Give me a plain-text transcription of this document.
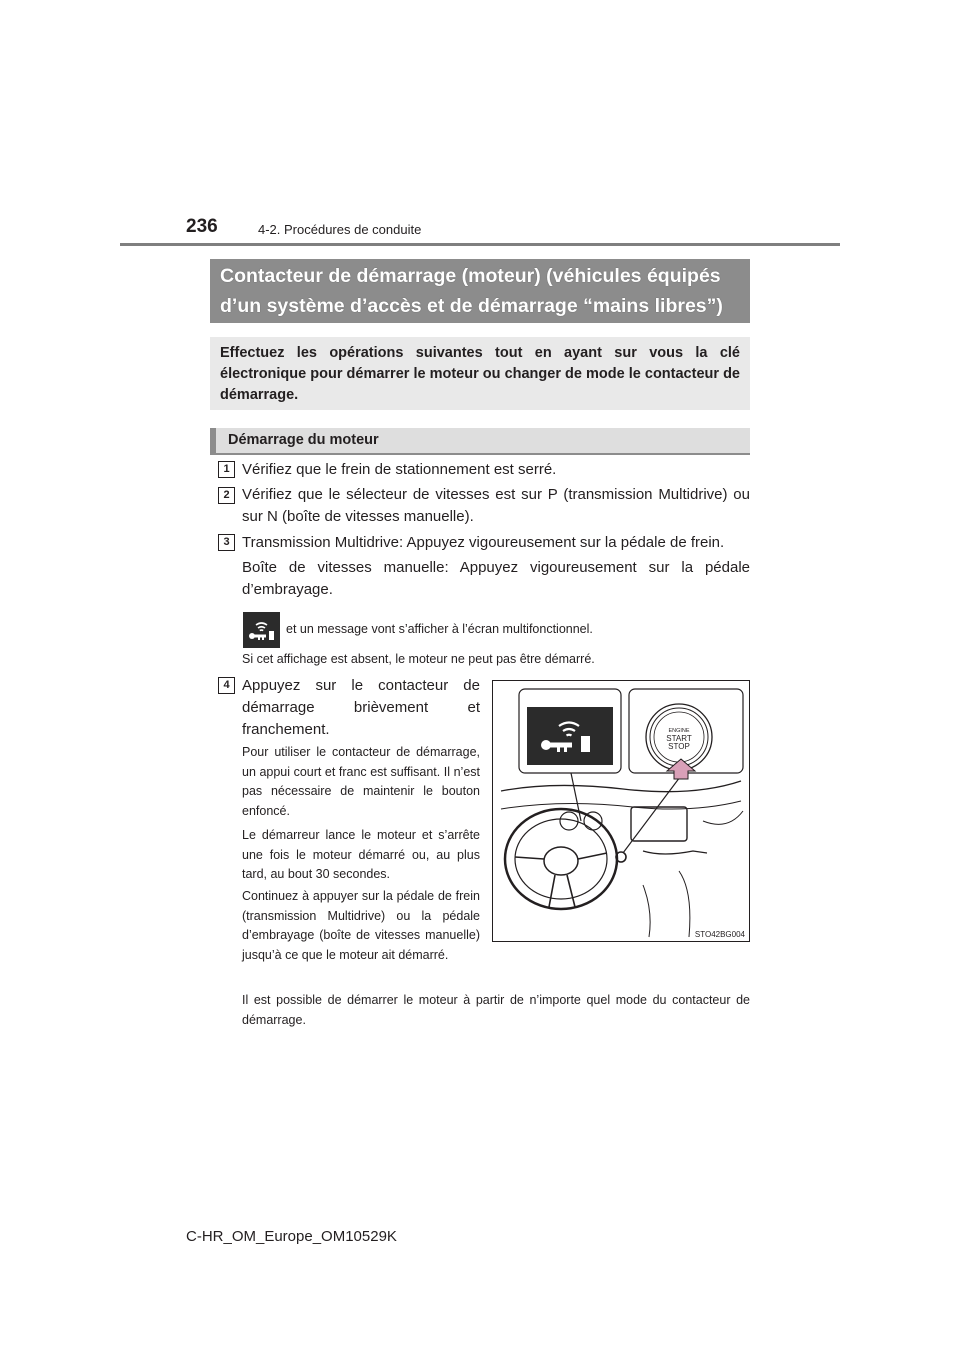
236	4-2. Procédures de conduite
Contacteur de démarrage (moteur) (véhicules équipés
d’un système d’accès et de démarrage “mains libres”)
Effectuez les opérations suivantes tout en ayant sur vous la clé électronique pour démarrer le moteur ou changer de mode le contacteur de démarrage.
Démarrage du moteur
1 Vérifiez que le frein de stationnement est serré.
2 Vérifiez que le sélecteur de vitesses est sur P (transmission Multidrive) ou sur N (boîte de vitesses manuelle).
3 Transmission Multidrive: Appuyez vigoureusement sur la pédale de frein.
Boîte de vitesses manuelle: Appuyez vigoureusement sur la pédale d’embrayage.
et un message vont s’afficher à l’écran multifonctionnel.
Si cet affichage est absent, le moteur ne peut pas être démarré.
4 Appuyez sur le contacteur de démarrage brièvement et franchement.
Pour utiliser le contacteur de démarrage, un appui court et franc est suffisant. Il n’est pas nécessaire de maintenir le bouton enfoncé.
Le démarreur lance le moteur et s’arrête une fois le moteur démarré ou, au plus tard, au bout 30 secondes.
Continuez à appuyer sur la pédale de frein (transmission Multidrive) ou la pédale d’embrayage (boîte de vitesses manuelle) jusqu’à ce que le moteur ait démarré.
ENGINE
START
STOP
STO42BG004
Il est possible de démarrer le moteur à partir de n’importe quel mode du contacteur de démarrage.
C-HR_OM_Europe_OM10529K
